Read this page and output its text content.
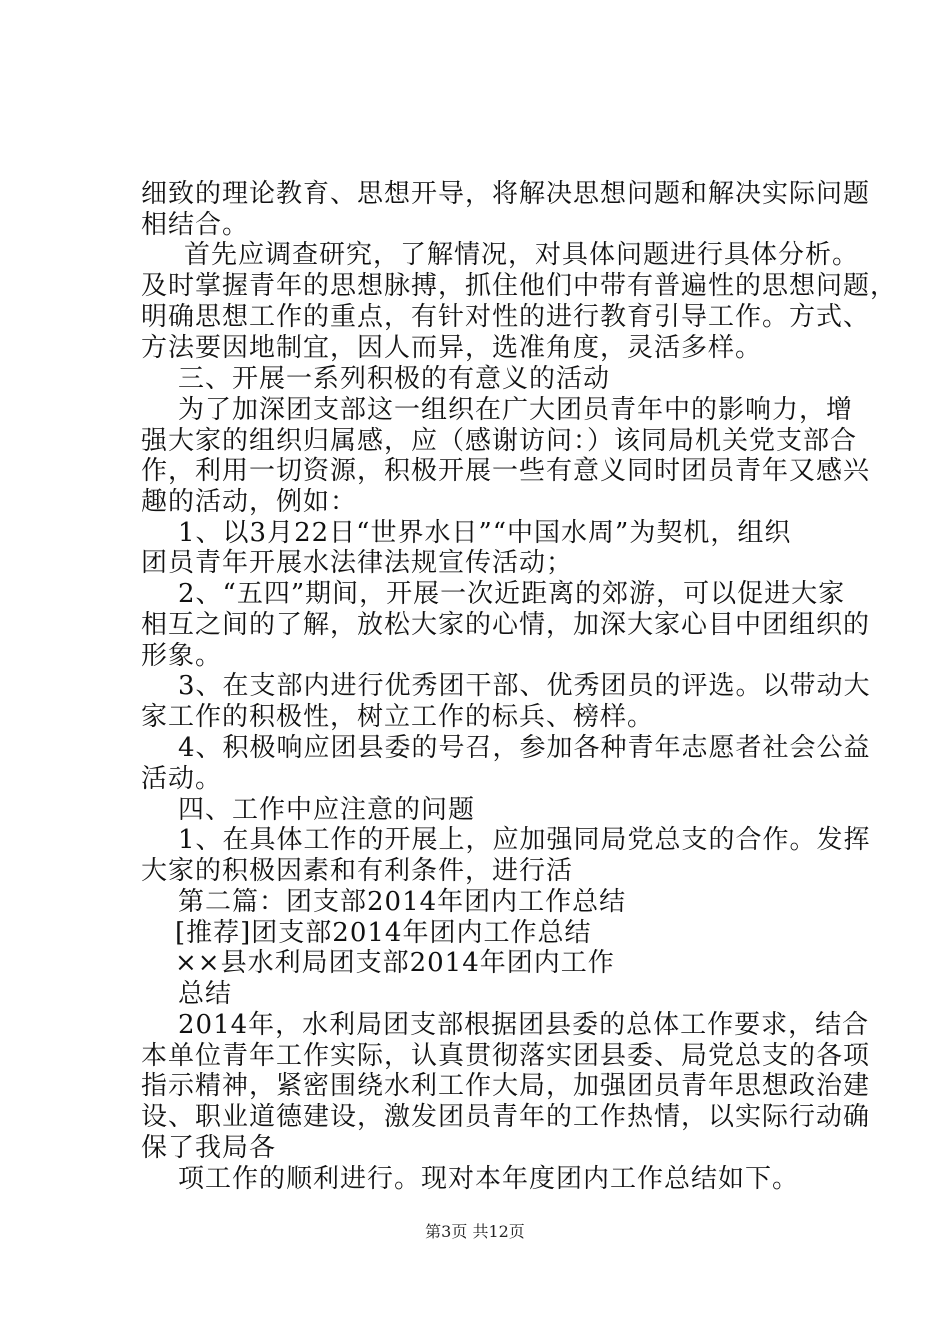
细致的理论教育、思想开导，将解决思想问题和解决实际问题
相结合。
首先应调查研究，了解情况，对具体问题进行具体分析。
及时掌握青年的思想脉搏，抓住他们中带有普遍性的思想问题，
明确思想工作的重点，有针对性的进行教育引导工作。方式、
方法要因地制宜，因人而异，选准角度，灵活多样。
三、开展一系列积极的有意义的活动
为了加深团支部这一组织在广大团员青年中的影响力，增
强大家的组织归属感，应（感谢访问：）该同局机关党支部合
作，利用一切资源，积极开展一些有意义同时团员青年又感兴
趣的活动，例如：
1、以3月22日“世界水日”“中国水周”为契机，组织
团员青年开展水法律法规宣传活动；
2、“五四”期间，开展一次近距离的郊游，可以促进大家
相互之间的了解，放松大家的心情，加深大家心目中团组织的
形象。
3、在支部内进行优秀团干部、优秀团员的评选。以带动大
家工作的积极性，树立工作的标兵、榜样。
4、积极响应团县委的号召，参加各种青年志愿者社会公益
活动。
四、工作中应注意的问题
1、在具体工作的开展上，应加强同局党总支的合作。发挥
大家的积极因素和有利条件，进行活
第二篇：团支部2014年团内工作总结
[推荐]团支部2014年团内工作总结
××县水利局团支部2014年团内工作
总结
2014年，水利局团支部根据团县委的总体工作要求，结合
本单位青年工作实际，认真贯彻落实团县委、局党总支的各项
指示精神，紧密围绕水利工作大局，加强团员青年思想政治建
设、职业道德建设，激发团员青年的工作热情，以实际行动确
保了我局各
项工作的顺利进行。现对本年度团内工作总结如下。
第3页 共12页
